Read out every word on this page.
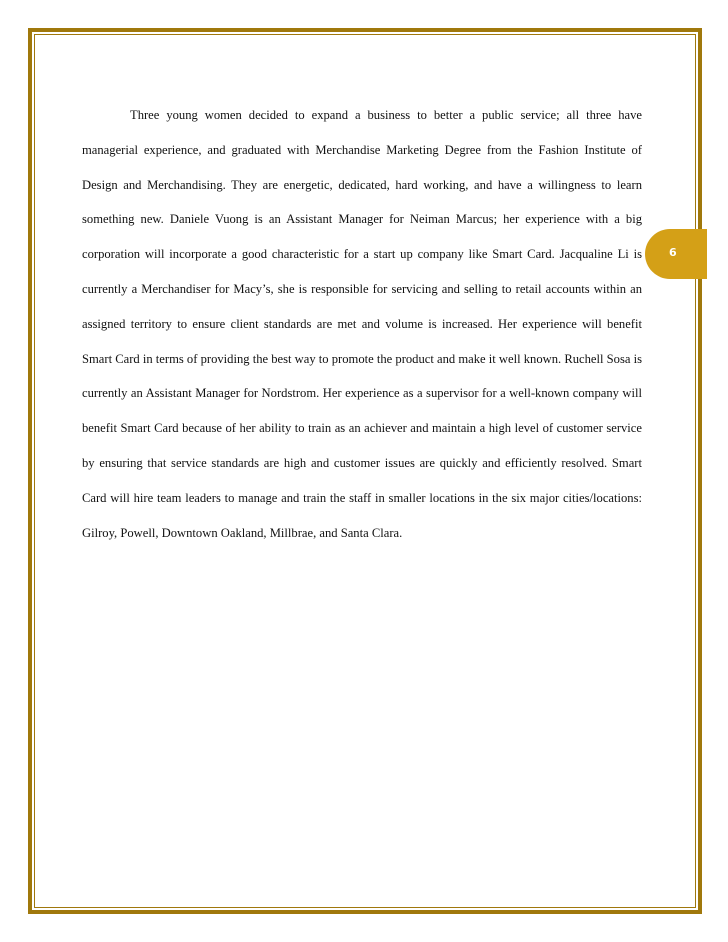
6

Three young women decided to expand a business to better a public service; all three have managerial experience, and graduated with Merchandise Marketing Degree from the Fashion Institute of Design and Merchandising. They are energetic, dedicated, hard working, and have a willingness to learn something new. Daniele Vuong is an Assistant Manager for Neiman Marcus; her experience with a big corporation will incorporate a good characteristic for a start up company like Smart Card. Jacqualine Li is currently a Merchandiser for Macy’s, she is responsible for servicing and selling to retail accounts within an assigned territory to ensure client standards are met and volume is increased. Her experience will benefit Smart Card in terms of providing the best way to promote the product and make it well known. Ruchell Sosa is currently an Assistant Manager for Nordstrom. Her experience as a supervisor for a well-known company will benefit Smart Card because of her ability to train as an achiever and maintain a high level of customer service by ensuring that service standards are high and customer issues are quickly and efficiently resolved. Smart Card will hire team leaders to manage and train the staff in smaller locations in the six major cities/locations: Gilroy, Powell, Downtown Oakland, Millbrae, and Santa Clara.
